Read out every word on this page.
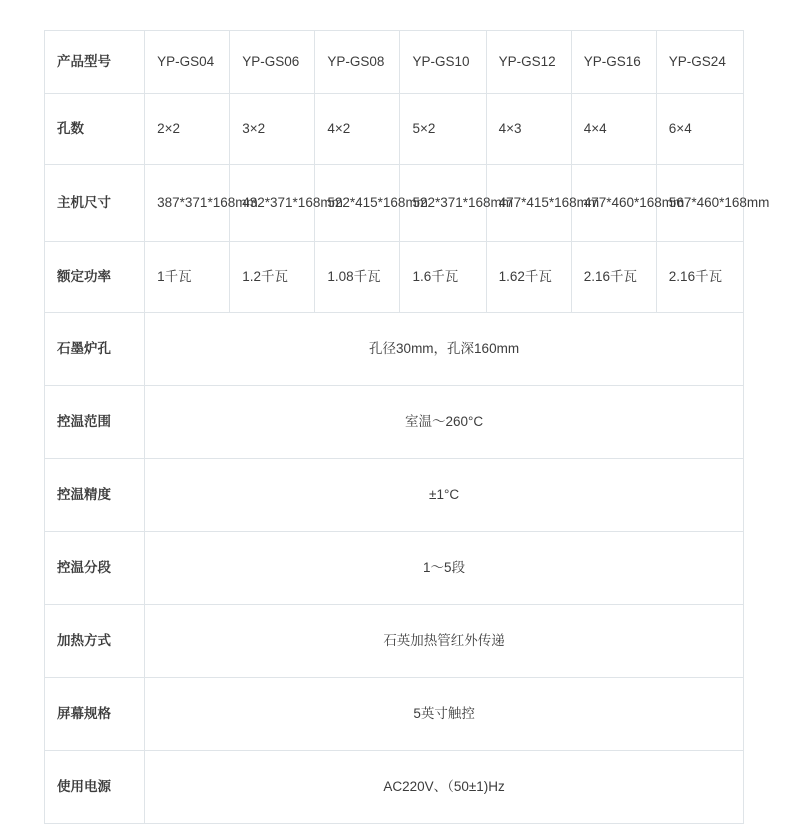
产品型号	YP-GS04	YP-GS06	YP-GS08	YP-GS10	YP-GS12	YP-GS16	YP-GS24
孔数	2×2	3×2	4×2	5×2	4×3	4×4	6×4
主机尺寸	387*371*168mm	432*371*168mm	522*415*168mm	522*371*168mm	477*415*168mm	477*460*168mm	567*460*168mm
额定功率	1千瓦	1.2千瓦	1.08千瓦	1.6千瓦	1.62千瓦	2.16千瓦	2.16千瓦
石墨炉孔	孔径30mm，孔深160mm						
控温范围	室温～260°C						
控温精度	±1°C						
控温分段	1～5段						
加热方式	石英加热管红外传递						
屏幕规格	5英寸触控						
使用电源	AC220V、（50±1)Hz						
